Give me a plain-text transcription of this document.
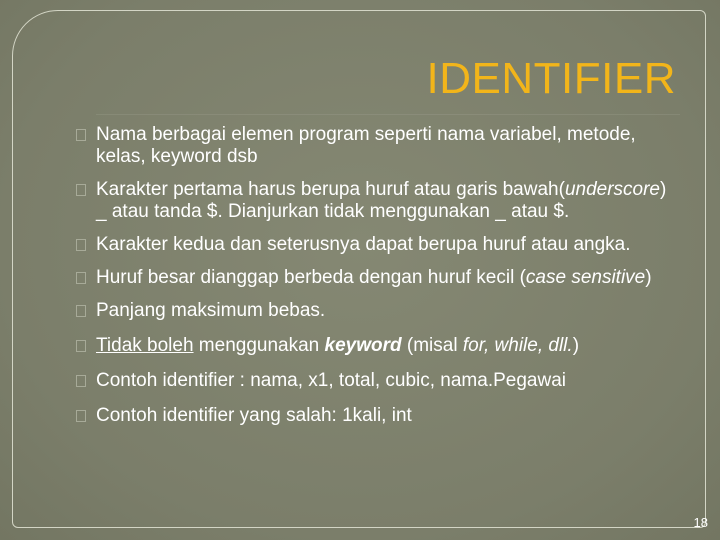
IDENTIFIER
Nama berbagai elemen program seperti nama variabel, metode, kelas, keyword dsb
Karakter pertama harus berupa huruf atau garis bawah(underscore) _ atau tanda $. Dianjurkan tidak menggunakan _ atau $.
Karakter kedua dan seterusnya dapat berupa huruf atau angka.
Huruf besar dianggap berbeda dengan huruf kecil (case sensitive)
Panjang maksimum bebas.
Tidak boleh menggunakan keyword (misal for, while, dll.)
Contoh identifier : nama, x1, total, cubic, nama.Pegawai
Contoh identifier yang salah: 1kali, int
18
